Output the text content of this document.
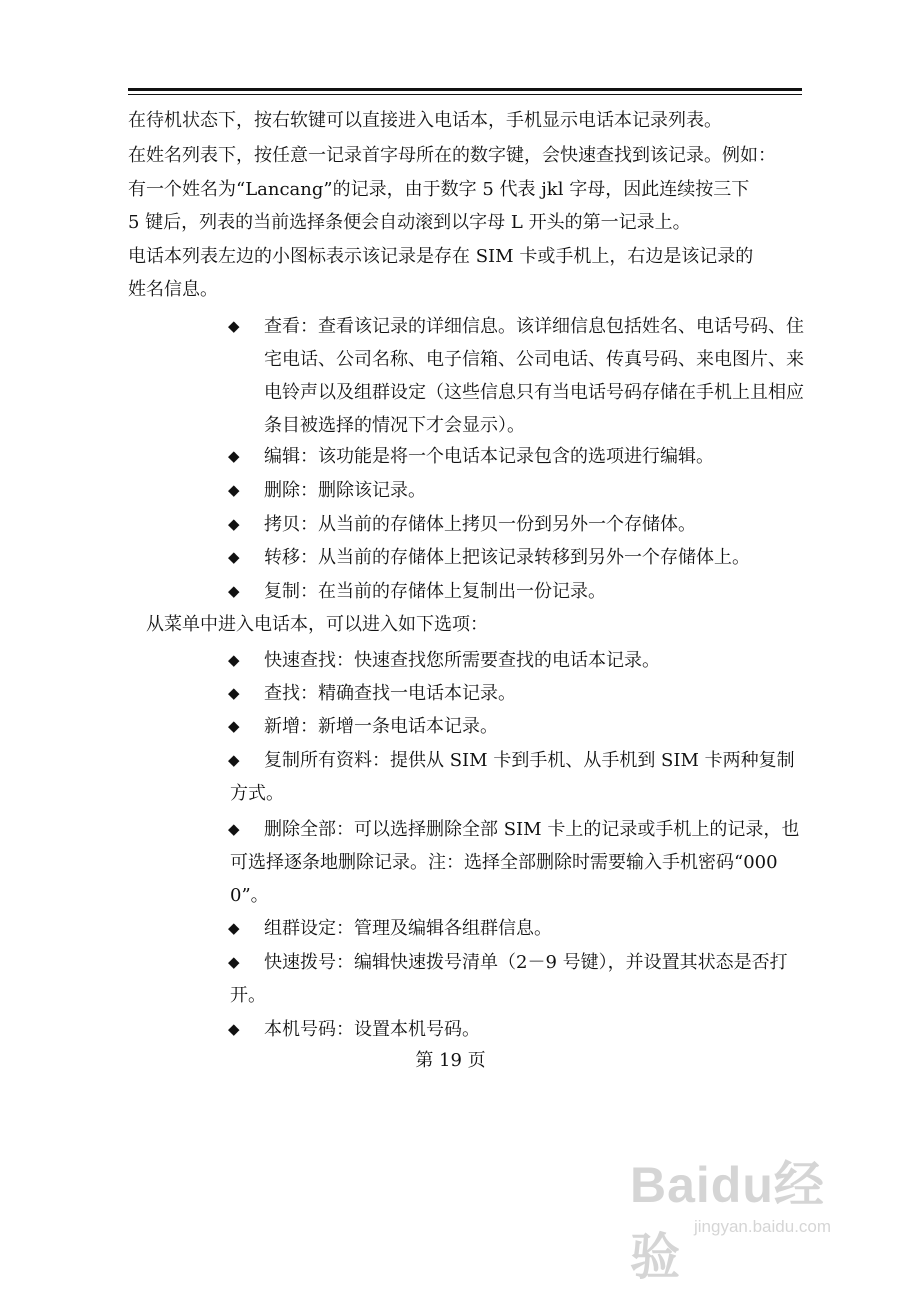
在待机状态下，按右软键可以直接进入电话本，手机显示电话本记录列表。
在姓名列表下，按任意一记录首字母所在的数字键，会快速查找到该记录。例如：
有一个姓名为“Lancang”的记录，由于数字 5 代表 jkl 字母，因此连续按三下
5 键后，列表的当前选择条便会自动滚到以字母 L 开头的第一记录上。
电话本列表左边的小图标表示该记录是存在 SIM 卡或手机上，右边是该记录的
姓名信息。
◆ 查看：查看该记录的详细信息。该详细信息包括姓名、电话号码、住宅电话、公司名称、电子信箱、公司电话、传真号码、来电图片、来电铃声以及组群设定（这些信息只有当电话号码存储在手机上且相应条目被选择的情况下才会显示）。
◆ 编辑：该功能是将一个电话本记录包含的选项进行编辑。
◆ 删除：删除该记录。
◆ 拷贝：从当前的存储体上拷贝一份到另外一个存储体。
◆ 转移：从当前的存储体上把该记录转移到另外一个存储体上。
◆ 复制：在当前的存储体上复制出一份记录。
从菜单中进入电话本，可以进入如下选项：
◆ 快速查找：快速查找您所需要查找的电话本记录。
◆ 查找：精确查找一电话本记录。
◆ 新增：新增一条电话本记录。
◆	复制所有资料：提供从 SIM 卡到手机、从手机到 SIM 卡两种复制方式。
◆	删除全部：可以选择删除全部 SIM 卡上的记录或手机上的记录，也可选择逐条地删除记录。注：选择全部删除时需要输入手机密码“0000”。
◆ 组群设定：管理及编辑各组群信息。
◆	快速拨号：编辑快速拨号清单（2－9 号键），并设置其状态是否打开。
◆ 本机号码：设置本机号码。
第 19 页
Baidu经验
jingyan.baidu.com
